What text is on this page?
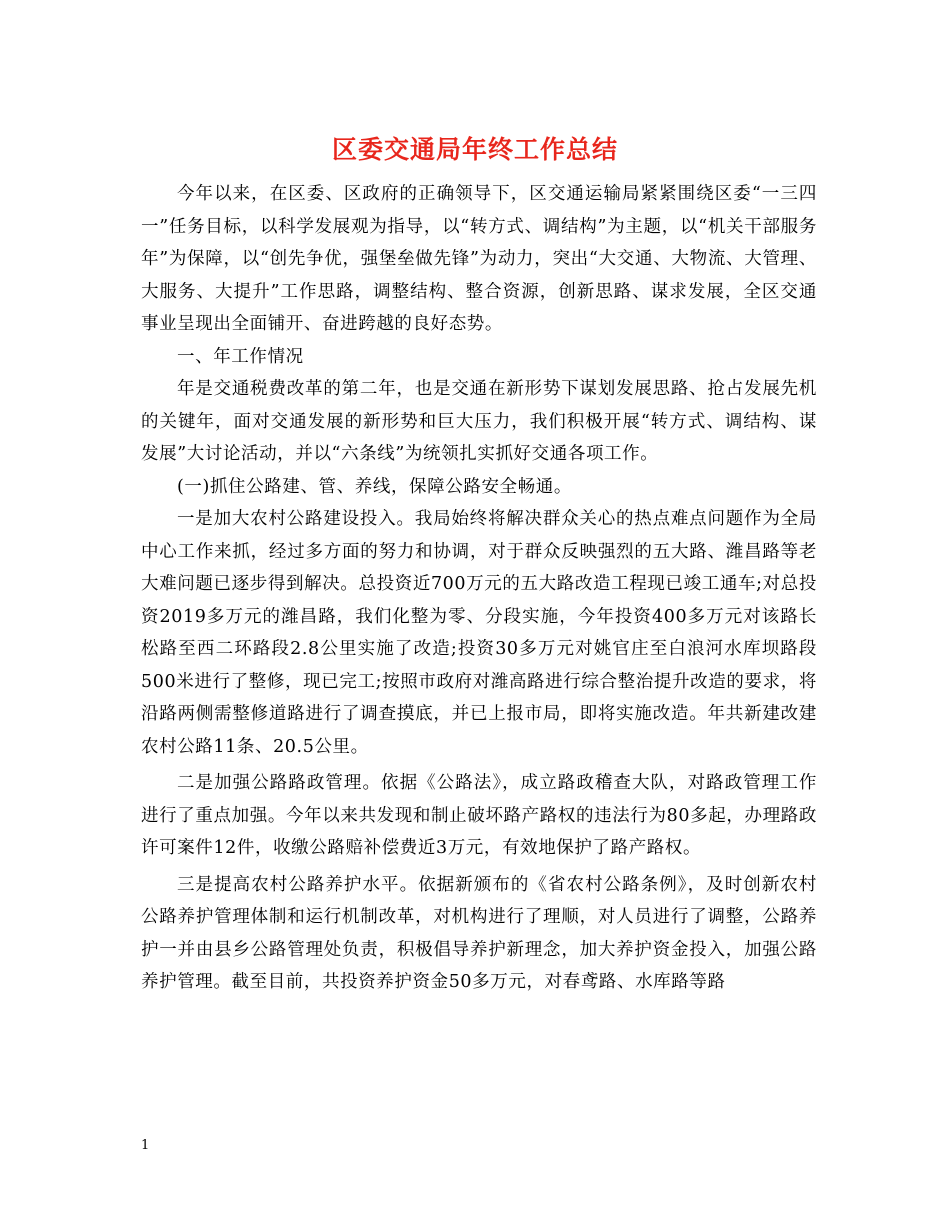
区委交通局年终工作总结

今年以来，在区委、区政府的正确领导下，区交通运输局紧紧围绕区委“一三四一”任务目标，以科学发展观为指导，以“转方式、调结构”为主题，以“机关干部服务年”为保障，以“创先争优，强堡垒做先锋”为动力，突出“大交通、大物流、大管理、大服务、大提升”工作思路，调整结构、整合资源，创新思路、谋求发展，全区交通事业呈现出全面铺开、奋进跨越的良好态势。

一、年工作情况

年是交通税费改革的第二年，也是交通在新形势下谋划发展思路、抢占发展先机的关键年，面对交通发展的新形势和巨大压力，我们积极开展“转方式、调结构、谋发展”大讨论活动，并以“六条线”为统领扎实抓好交通各项工作。

(一)抓住公路建、管、养线，保障公路安全畅通。

一是加大农村公路建设投入。我局始终将解决群众关心的热点难点问题作为全局中心工作来抓，经过多方面的努力和协调，对于群众反映强烈的五大路、潍昌路等老大难问题已逐步得到解决。总投资近700万元的五大路改造工程现已竣工通车;对总投资2019多万元的潍昌路，我们化整为零、分段实施，今年投资400多万元对该路长松路至西二环路段2.8公里实施了改造;投资30多万元对姚官庄至白浪河水库坝路段500米进行了整修，现已完工;按照市政府对潍高路进行综合整治提升改造的要求，将沿路两侧需整修道路进行了调查摸底，并已上报市局，即将实施改造。年共新建改建农村公路11条、20.5公里。

二是加强公路路政管理。依据《公路法》，成立路政稽查大队，对路政管理工作进行了重点加强。今年以来共发现和制止破坏路产路权的违法行为80多起，办理路政许可案件12件，收缴公路赔补偿费近3万元，有效地保护了路产路权。

三是提高农村公路养护水平。依据新颁布的《省农村公路条例》，及时创新农村公路养护管理体制和运行机制改革，对机构进行了理顺，对人员进行了调整，公路养护一并由县乡公路管理处负责，积极倡导养护新理念，加大养护资金投入，加强公路养护管理。截至目前，共投资养护资金50多万元，对春鸢路、水库路等路

1
